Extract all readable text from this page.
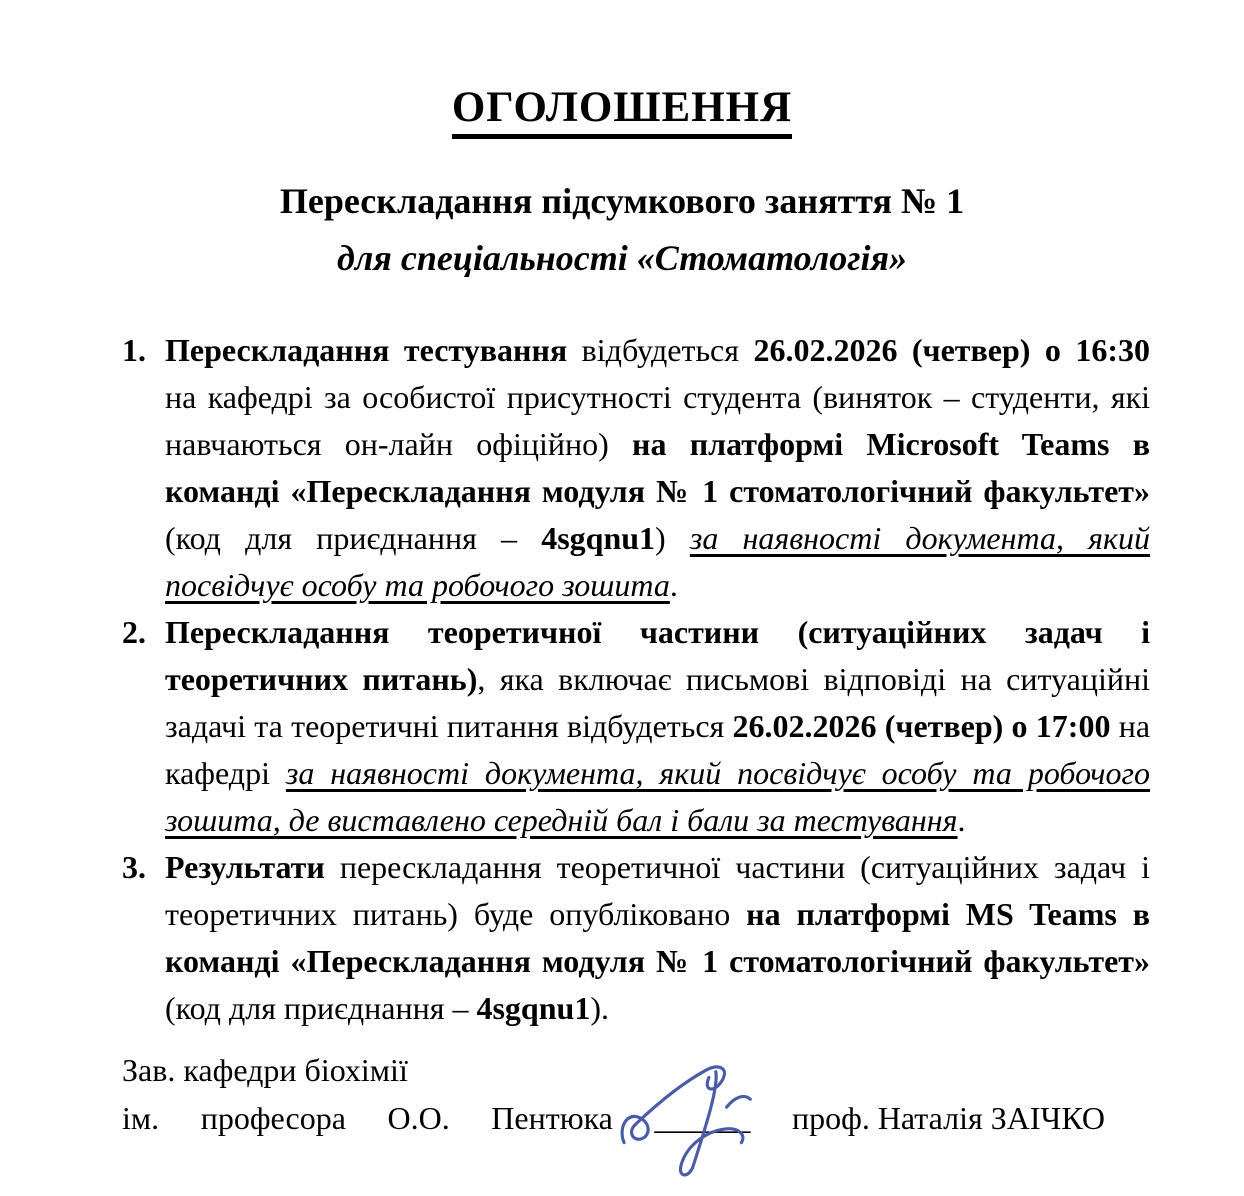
ОГОЛОШЕННЯ
Перескладання підсумкового заняття № 1
для спеціальності «Стоматологія»
1. Перескладання тестування відбудеться 26.02.2026 (четвер) о 16:30 на кафедрі за особистої присутності студента (виняток – студенти, які навчаються он-лайн офіційно) на платформі Microsoft Teams в команді «Перескладання модуля № 1 стоматологічний факультет» (код для приєднання – 4sgqnu1) за наявності документа, який посвідчує особу та робочого зошита.
2. Перескладання теоретичної частини (ситуаційних задач і теоретичних питань), яка включає письмові відповіді на ситуаційні задачі та теоретичні питання відбудеться 26.02.2026 (четвер) о 17:00 на кафедрі за наявності документа, який посвідчує особу та робочого зошита, де виставлено середній бал і бали за тестування.
3. Результати перескладання теоретичної частини (ситуаційних задач і теоретичних питань) буде опубліковано на платформі MS Teams в команді «Перескладання модуля № 1 стоматологічний факультет» (код для приєднання – 4sgqnu1).
Зав. кафедри біохімії
ім. професора О.О. Пентюка ______ проф. Наталія ЗАІЧКО
